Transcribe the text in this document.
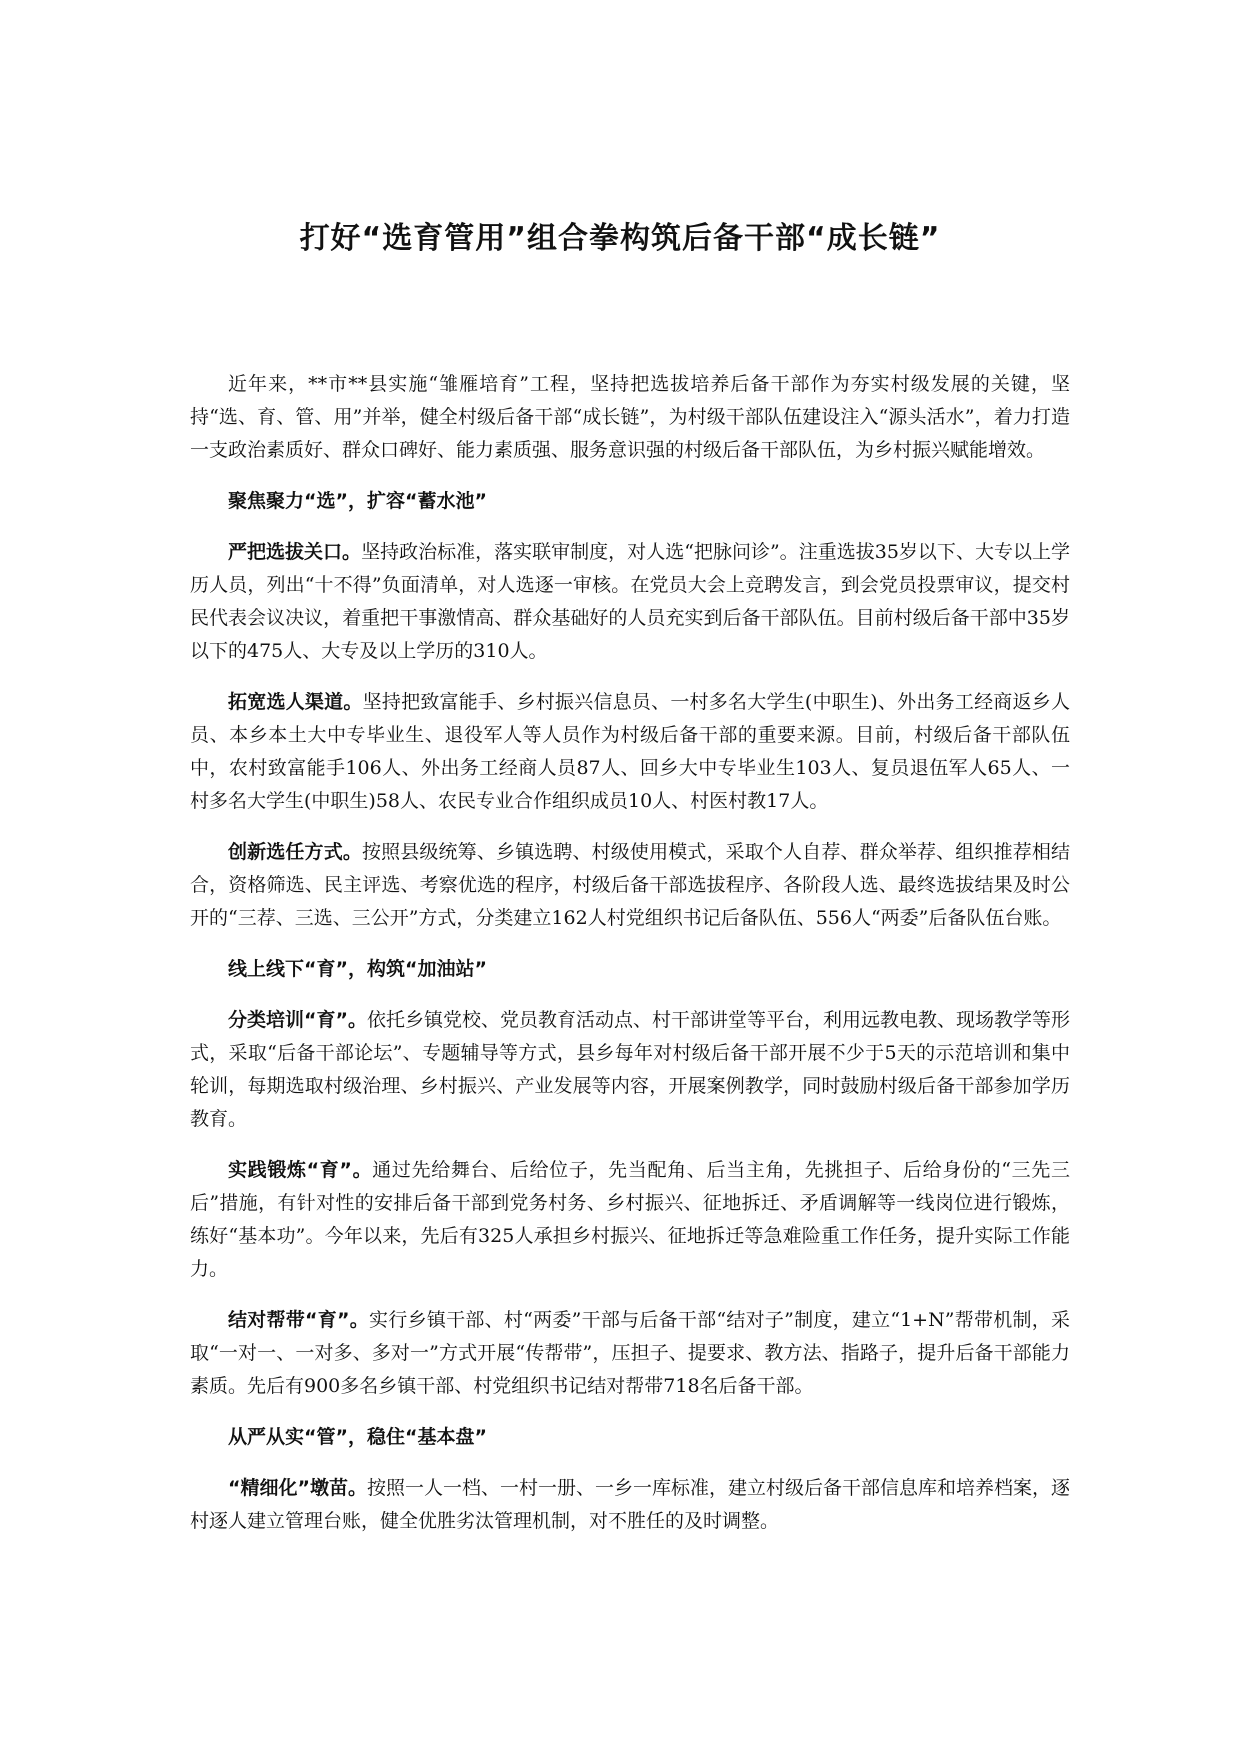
打好“选育管用”组合拳构筑后备干部“成长链”

近年来，**市**县实施“雏雁培育”工程，坚持把选拔培养后备干部作为夯实村级发展的关键，坚持“选、育、管、用”并举，健全村级后备干部“成长链”，为村级干部队伍建设注入“源头活水”，着力打造一支政治素质好、群众口碑好、能力素质强、服务意识强的村级后备干部队伍，为乡村振兴赋能增效。

聚焦聚力“选”，扩容“蓄水池”

严把选拔关口。坚持政治标准，落实联审制度，对人选“把脉问诊”。注重选拔35岁以下、大专以上学历人员，列出“十不得”负面清单，对人选逐一审核。在党员大会上竞聘发言，到会党员投票审议，提交村民代表会议决议，着重把干事激情高、群众基础好的人员充实到后备干部队伍。目前村级后备干部中35岁以下的475人、大专及以上学历的310人。

拓宽选人渠道。坚持把致富能手、乡村振兴信息员、一村多名大学生(中职生)、外出务工经商返乡人员、本乡本土大中专毕业生、退役军人等人员作为村级后备干部的重要来源。目前，村级后备干部队伍中，农村致富能手106人、外出务工经商人员87人、回乡大中专毕业生103人、复员退伍军人65人、一村多名大学生(中职生)58人、农民专业合作组织成员10人、村医村教17人。

创新选任方式。按照县级统筹、乡镇选聘、村级使用模式，采取个人自荐、群众举荐、组织推荐相结合，资格筛选、民主评选、考察优选的程序，村级后备干部选拔程序、各阶段人选、最终选拔结果及时公开的“三荐、三选、三公开”方式，分类建立162人村党组织书记后备队伍、556人“两委”后备队伍台账。

线上线下“育”，构筑“加油站”

分类培训“育”。依托乡镇党校、党员教育活动点、村干部讲堂等平台，利用远教电教、现场教学等形式，采取“后备干部论坛”、专题辅导等方式，县乡每年对村级后备干部开展不少于5天的示范培训和集中轮训，每期选取村级治理、乡村振兴、产业发展等内容，开展案例教学，同时鼓励村级后备干部参加学历教育。

实践锻炼“育”。通过先给舞台、后给位子，先当配角、后当主角，先挑担子、后给身份的“三先三后”措施，有针对性的安排后备干部到党务村务、乡村振兴、征地拆迁、矛盾调解等一线岗位进行锻炼，练好“基本功”。今年以来，先后有325人承担乡村振兴、征地拆迁等急难险重工作任务，提升实际工作能力。

结对帮带“育”。实行乡镇干部、村“两委”干部与后备干部“结对子”制度，建立“1+N”帮带机制，采取“一对一、一对多、多对一”方式开展“传帮带”，压担子、提要求、教方法、指路子，提升后备干部能力素质。先后有900多名乡镇干部、村党组织书记结对帮带718名后备干部。

从严从实“管”，稳住“基本盘”

“精细化”墩苗。按照一人一档、一村一册、一乡一库标准，建立村级后备干部信息库和培养档案，逐村逐人建立管理台账，健全优胜劣汰管理机制，对不胜任的及时调整。
